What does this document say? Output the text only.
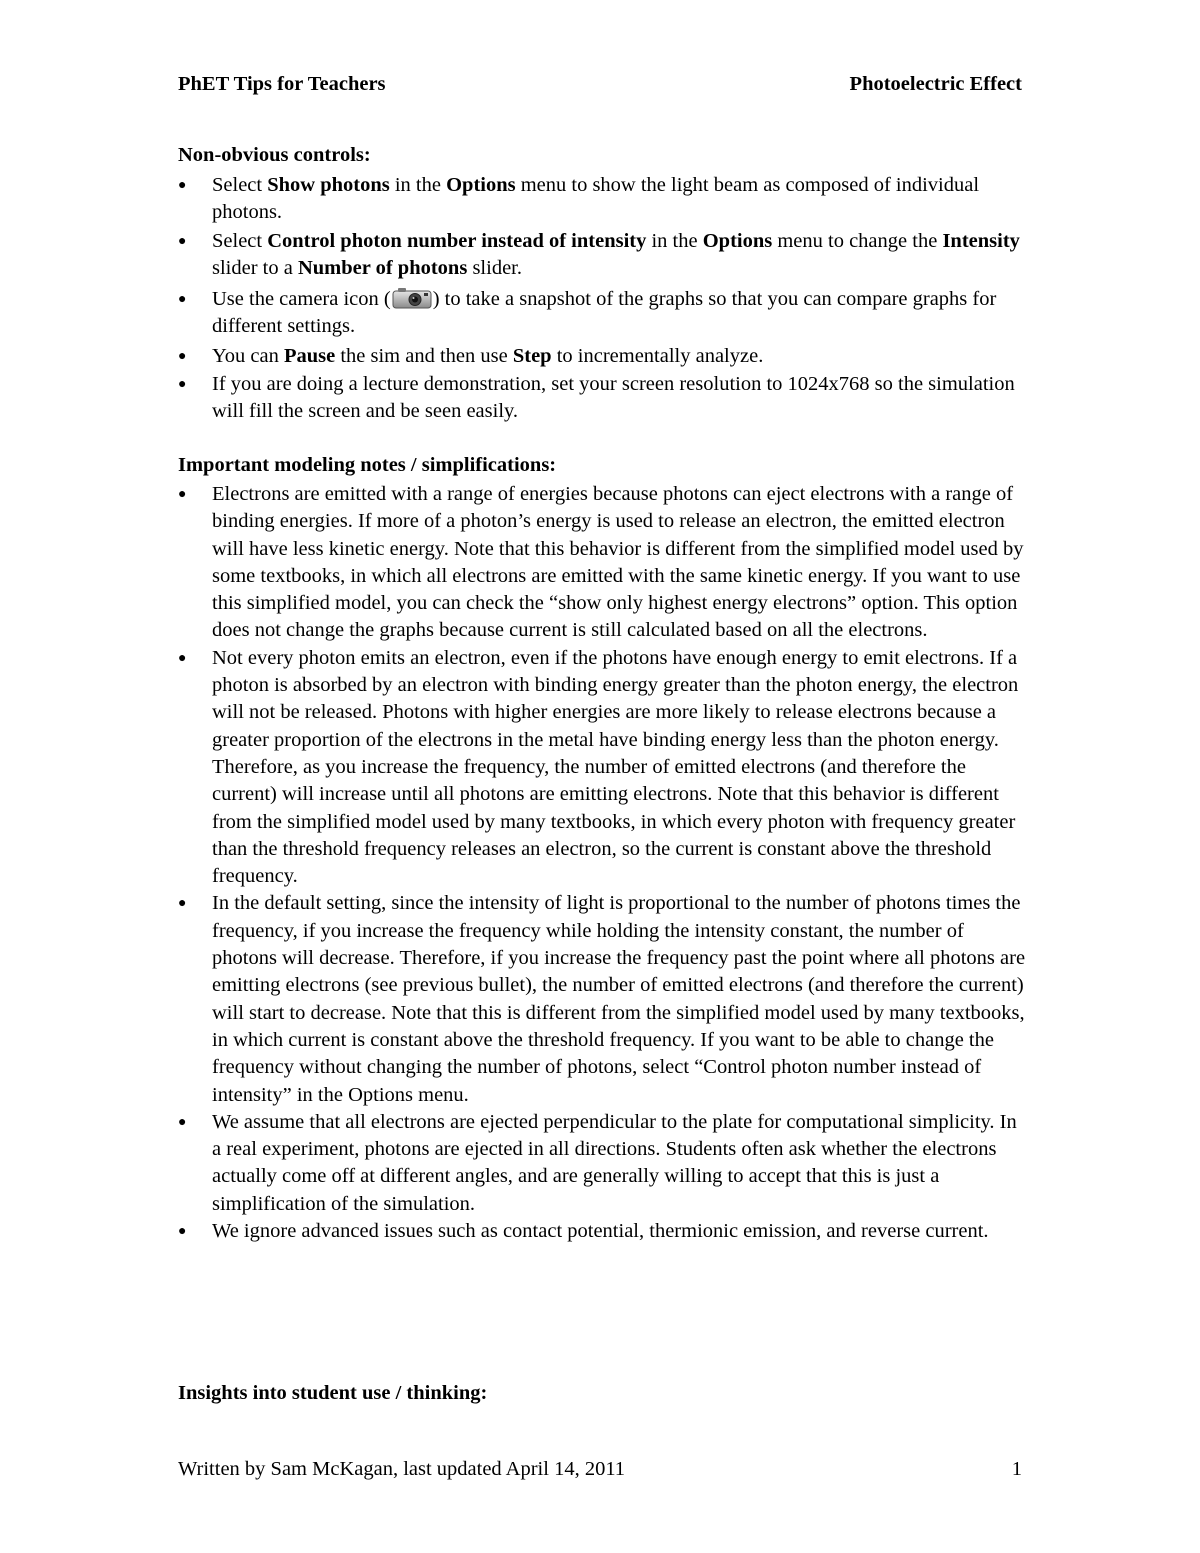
PhET Tips for Teachers	Photoelectric Effect
Non-obvious controls:
● Select Show photons in the Options menu to show the light beam as composed of individual photons.
● Select Control photon number instead of intensity in the Options menu to change the Intensity slider to a Number of photons slider.
● Use the camera icon ( ) to take a snapshot of the graphs so that you can compare graphs for different settings.
● You can Pause the sim and then use Step to incrementally analyze.
● If you are doing a lecture demonstration, set your screen resolution to 1024x768 so the simulation will fill the screen and be seen easily.
Important modeling notes / simplifications:
● Electrons are emitted with a range of energies because photons can eject electrons with a range of binding energies. If more of a photon’s energy is used to release an electron, the emitted electron will have less kinetic energy. Note that this behavior is different from the simplified model used by some textbooks, in which all electrons are emitted with the same kinetic energy. If you want to use this simplified model, you can check the “show only highest energy electrons” option. This option does not change the graphs because current is still calculated based on all the electrons.
● Not every photon emits an electron, even if the photons have enough energy to emit electrons. If a photon is absorbed by an electron with binding energy greater than the photon energy, the electron will not be released. Photons with higher energies are more likely to release electrons because a greater proportion of the electrons in the metal have binding energy less than the photon energy. Therefore, as you increase the frequency, the number of emitted electrons (and therefore the current) will increase until all photons are emitting electrons. Note that this behavior is different from the simplified model used by many textbooks, in which every photon with frequency greater than the threshold frequency releases an electron, so the current is constant above the threshold frequency.
● In the default setting, since the intensity of light is proportional to the number of photons times the frequency, if you increase the frequency while holding the intensity constant, the number of photons will decrease. Therefore, if you increase the frequency past the point where all photons are emitting electrons (see previous bullet), the number of emitted electrons (and therefore the current) will start to decrease. Note that this is different from the simplified model used by many textbooks, in which current is constant above the threshold frequency. If you want to be able to change the frequency without changing the number of photons, select “Control photon number instead of intensity” in the Options menu.
● We assume that all electrons are ejected perpendicular to the plate for computational simplicity. In a real experiment, photons are ejected in all directions. Students often ask whether the electrons actually come off at different angles, and are generally willing to accept that this is just a simplification of the simulation.
● We ignore advanced issues such as contact potential, thermionic emission, and reverse current.
Insights into student use / thinking:
Written by Sam McKagan, last updated April 14, 2011	1
